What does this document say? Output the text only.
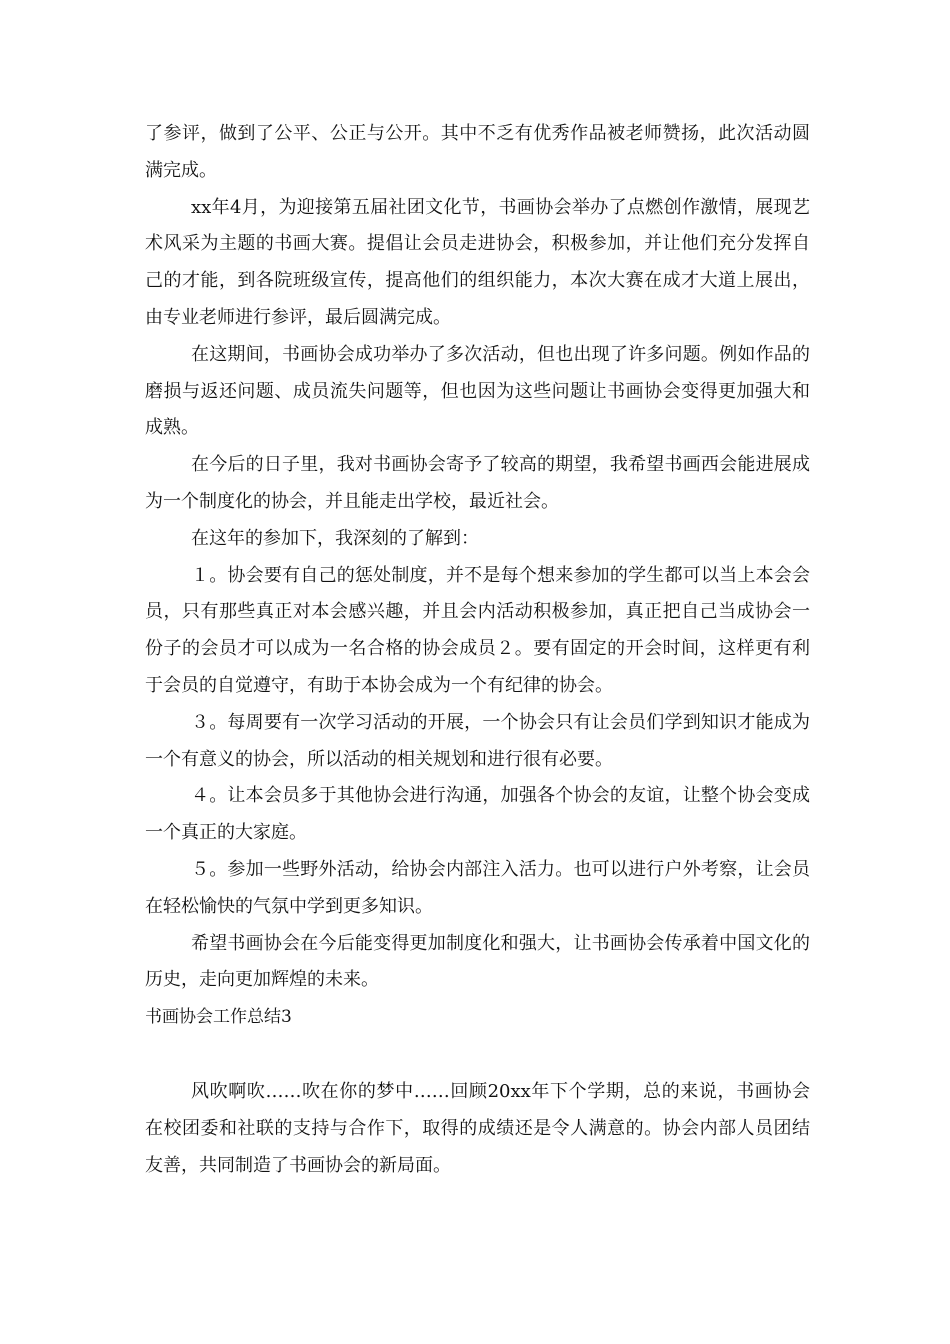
了参评，做到了公平、公正与公开。其中不乏有优秀作品被老师赞扬，此次活动圆满完成。

xx年4月，为迎接第五届社团文化节，书画协会举办了点燃创作激情，展现艺术风采为主题的书画大赛。提倡让会员走进协会，积极参加，并让他们充分发挥自己的才能，到各院班级宣传，提高他们的组织能力，本次大赛在成才大道上展出，由专业老师进行参评，最后圆满完成。

在这期间，书画协会成功举办了多次活动，但也出现了许多问题。例如作品的磨损与返还问题、成员流失问题等，但也因为这些问题让书画协会变得更加强大和成熟。

在今后的日子里，我对书画协会寄予了较高的期望，我希望书画西会能进展成为一个制度化的协会，并且能走出学校，最近社会。

在这年的参加下，我深刻的了解到：

１。协会要有自己的惩处制度，并不是每个想来参加的学生都可以当上本会会员，只有那些真正对本会感兴趣，并且会内活动积极参加，真正把自己当成协会一份子的会员才可以成为一名合格的协会成员２。要有固定的开会时间，这样更有利于会员的自觉遵守，有助于本协会成为一个有纪律的协会。

３。每周要有一次学习活动的开展，一个协会只有让会员们学到知识才能成为一个有意义的协会，所以活动的相关规划和进行很有必要。

４。让本会员多于其他协会进行沟通，加强各个协会的友谊，让整个协会变成一个真正的大家庭。

５。参加一些野外活动，给协会内部注入活力。也可以进行户外考察，让会员在轻松愉快的气氛中学到更多知识。

希望书画协会在今后能变得更加制度化和强大，让书画协会传承着中国文化的历史，走向更加辉煌的未来。

书画协会工作总结3

风吹啊吹……吹在你的梦中……回顾20xx年下个学期，总的来说，书画协会在校团委和社联的支持与合作下，取得的成绩还是令人满意的。协会内部人员团结友善，共同制造了书画协会的新局面。
